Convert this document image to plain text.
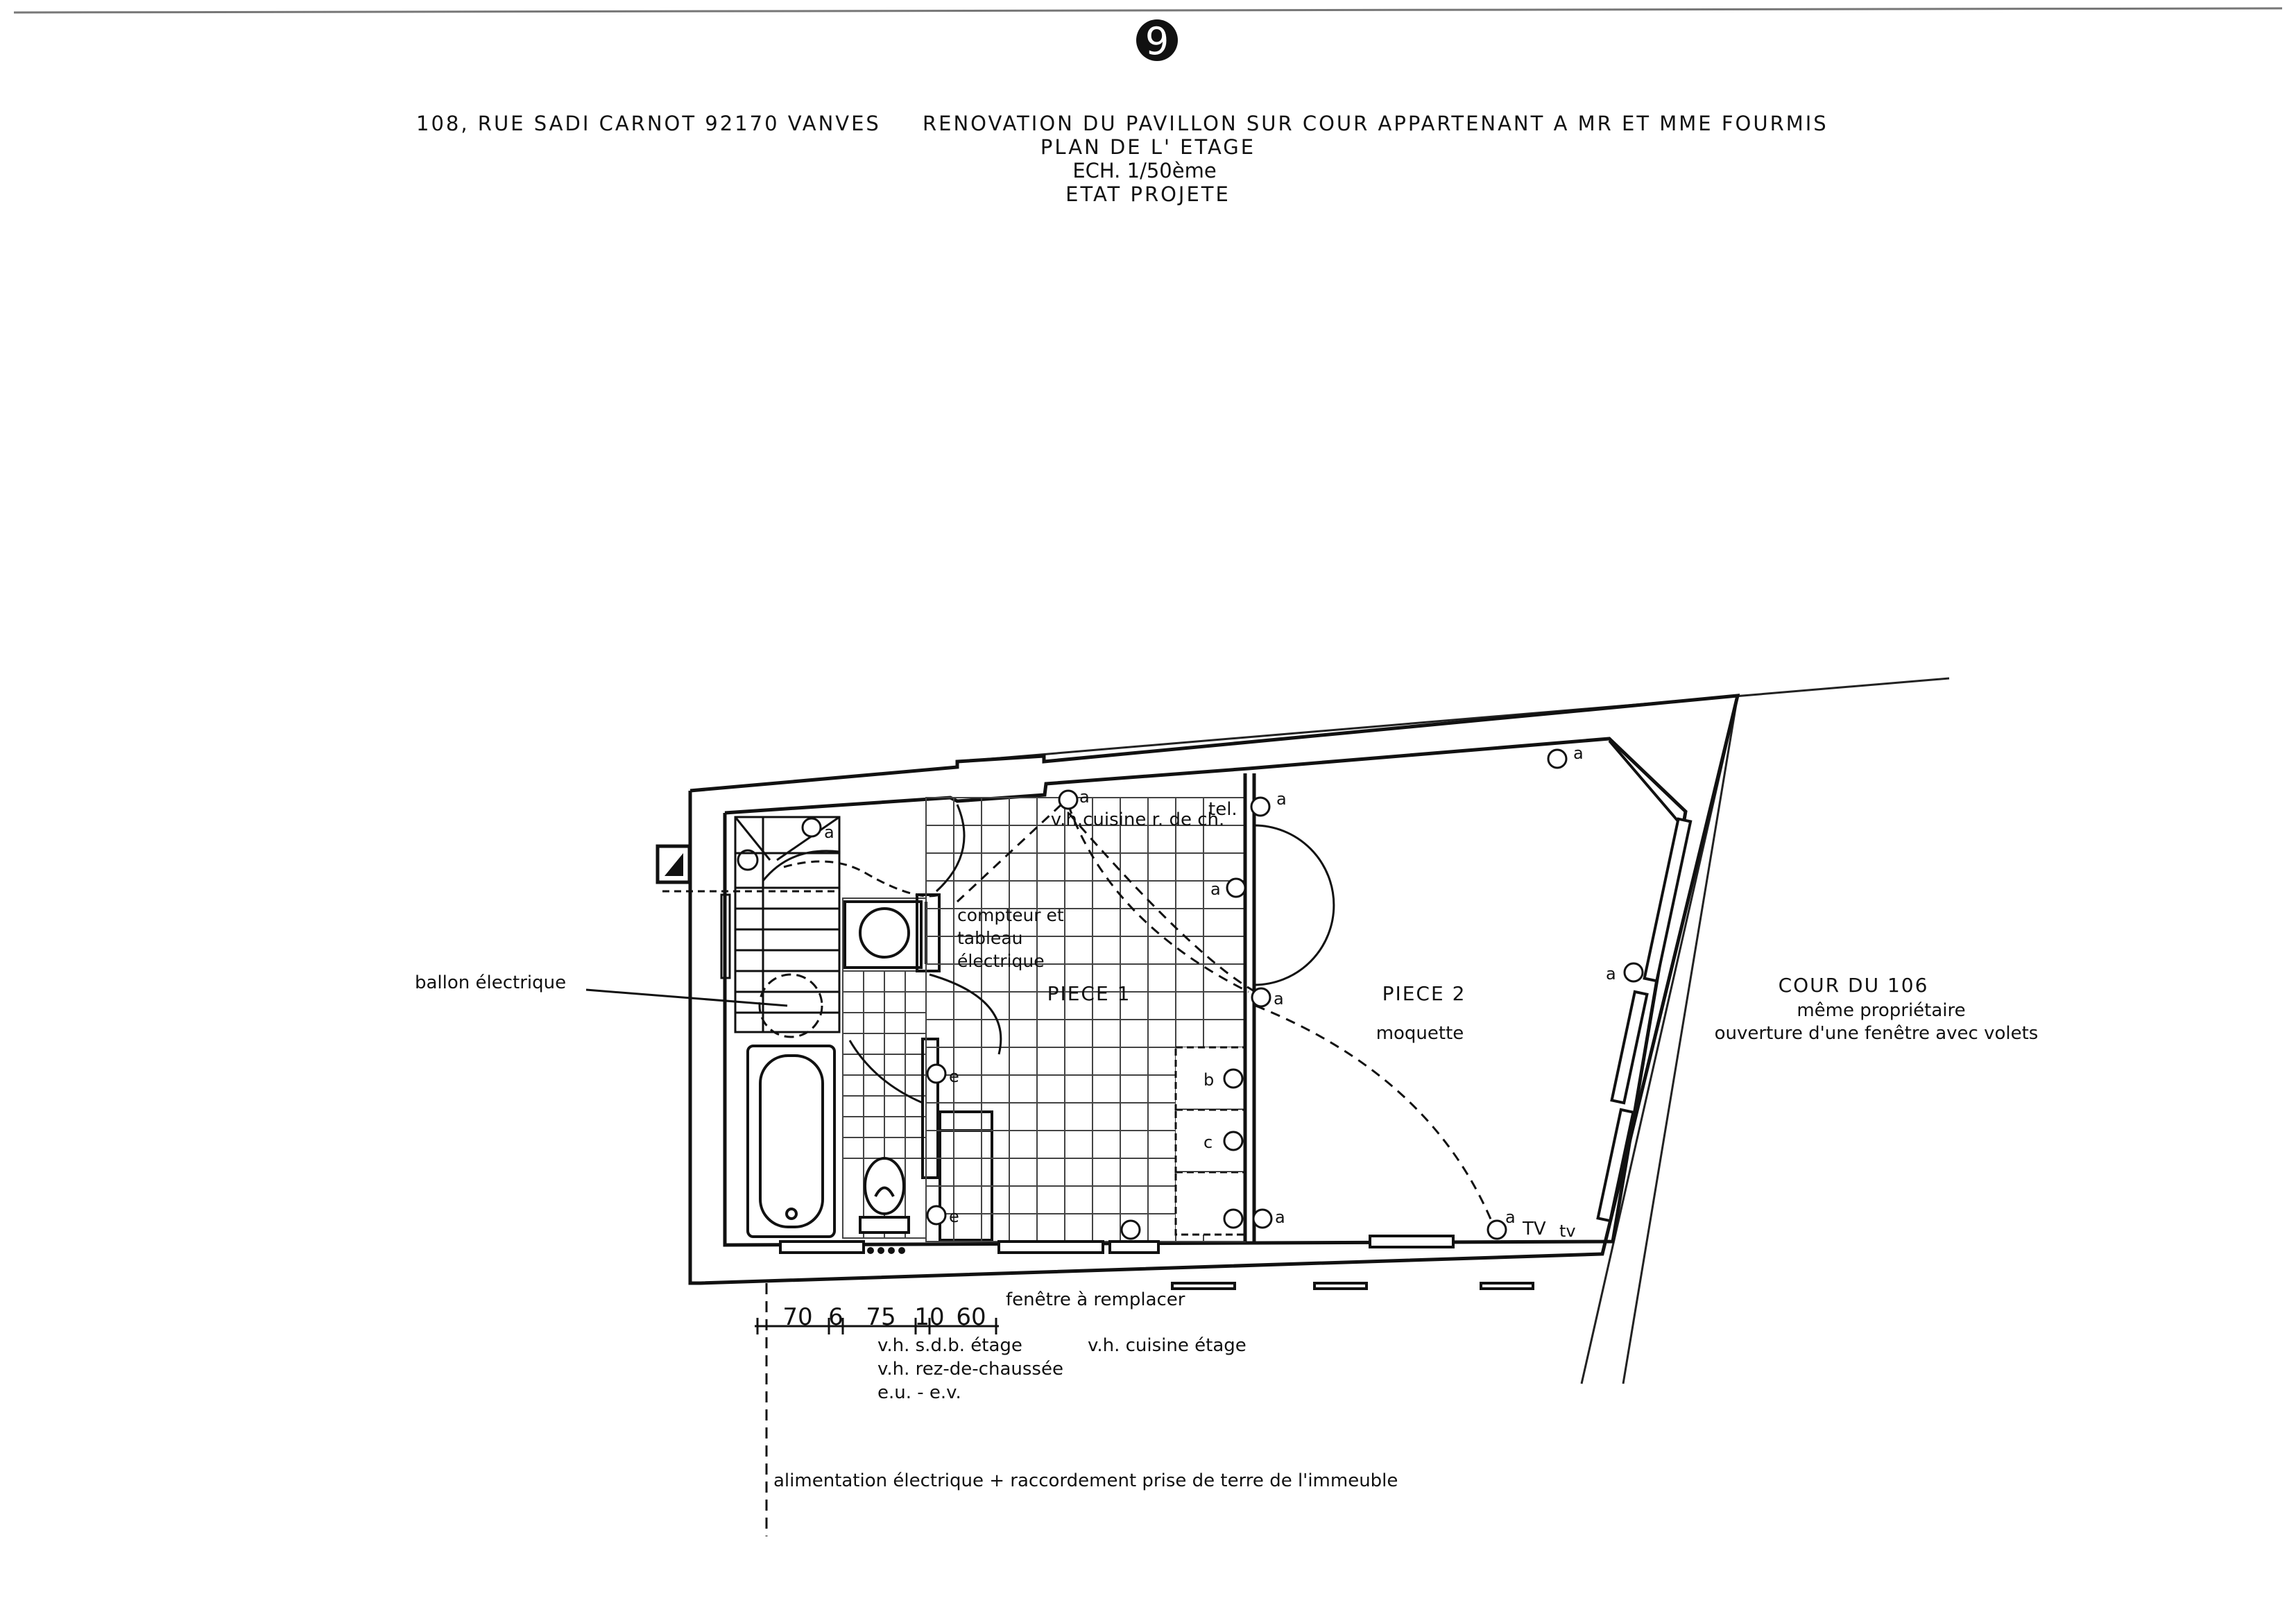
9
108, RUE SADI CARNOT 92170 VANVES RENOVATION DU PAVILLON SUR COUR APPARTENANT A MR ET MME FOURMIS
PLAN DE L' ETAGE
ECH. 1/50ème
ETAT PROJETE
a
a
a
a
a
a
a
a	a
b
c
e
e
v.h.cuisine r. de ch.
ballon électrique
compteur et
tableau
électrique
PIECE 1	PIECE 2
moquette
tel.
TV tv
COUR DU 106
même propriétaire
ouverture d'une fenêtre avec volets
fenêtre à remplacer
70 6 75 10 60
v.h. s.d.b. étage
v.h. rez-de-chaussée
e.u. - e.v.
v.h. cuisine étage
alimentation électrique + raccordement prise de terre de l'immeuble
